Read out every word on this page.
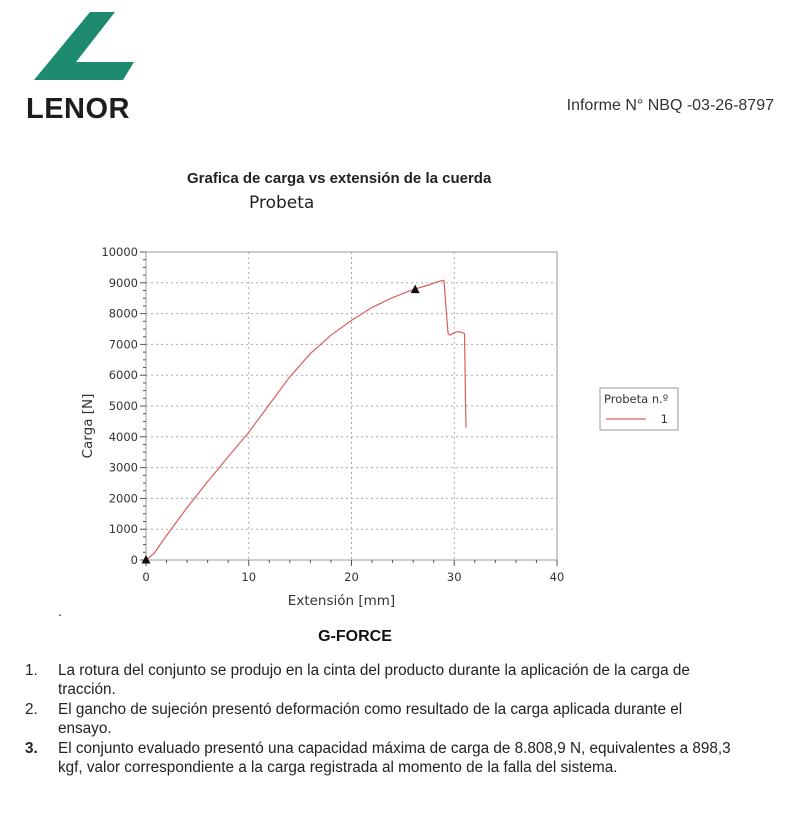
LENOR	Informe N° NBQ -03-26-8797
Grafica de carga vs extensión de la cuerda
Probeta
0
1000
2000
3000
4000
5000
6000
7000
8000
9000
10000
0	10	20	30	40
Extensión [mm]
Carga [N]	Probeta n.º
1
.
G-FORCE
1. La rotura del conjunto se produjo en la cinta del producto durante la aplicación de la carga de tracción.
2. El gancho de sujeción presentó deformación como resultado de la carga aplicada durante el ensayo.
3. El conjunto evaluado presentó una capacidad máxima de carga de 8.808,9 N, equivalentes a 898,3 kgf, valor correspondiente a la carga registrada al momento de la falla del sistema.
